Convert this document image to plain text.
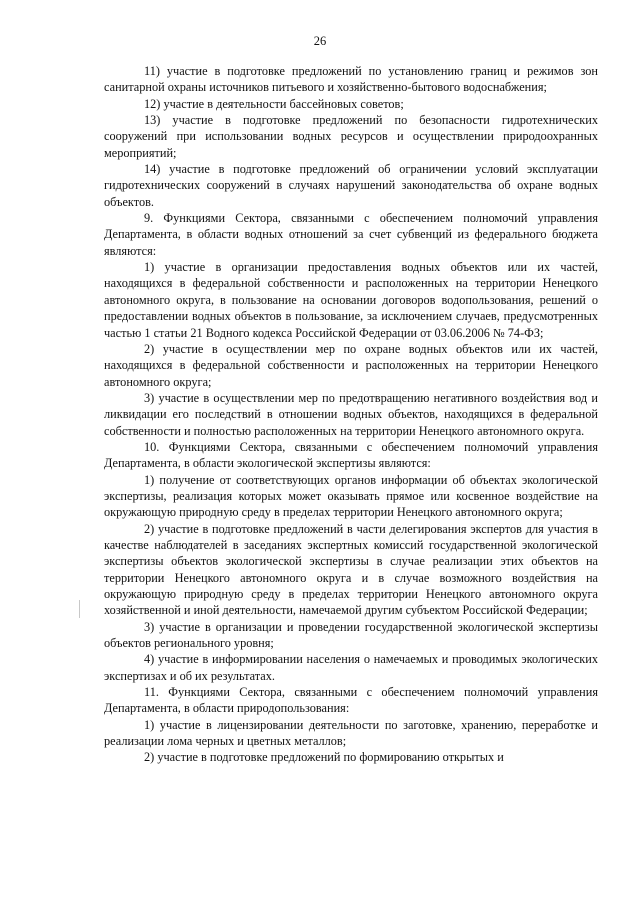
26

11) участие в подготовке предложений по установлению границ и режимов зон санитарной охраны источников питьевого и хозяйственно-бытового водоснабжения;

12) участие в деятельности бассейновых советов;

13) участие в подготовке предложений по безопасности гидротехнических сооружений при использовании водных ресурсов и осуществлении природоохранных мероприятий;

14) участие в подготовке предложений об ограничении условий эксплуатации гидротехнических сооружений в случаях нарушений законодательства об охране водных объектов.

9. Функциями Сектора, связанными с обеспечением полномочий управления Департамента, в области водных отношений за счет субвенций из федерального бюджета являются:

1) участие в организации предоставления водных объектов или их частей, находящихся в федеральной собственности и расположенных на территории Ненецкого автономного округа, в пользование на основании договоров водопользования, решений о предоставлении водных объектов в пользование, за исключением случаев, предусмотренных частью 1 статьи 21 Водного кодекса Российской Федерации от 03.06.2006 № 74-ФЗ;

2) участие в осуществлении мер по охране водных объектов или их частей, находящихся в федеральной собственности и расположенных на территории Ненецкого автономного округа;

3) участие в осуществлении мер по предотвращению негативного воздействия вод и ликвидации его последствий в отношении водных объектов, находящихся в федеральной собственности и полностью расположенных на территории Ненецкого автономного округа.

10. Функциями Сектора, связанными с обеспечением полномочий управления Департамента, в области экологической экспертизы являются:

1) получение от соответствующих органов информации об объектах экологической экспертизы, реализация которых может оказывать прямое или косвенное воздействие на окружающую природную среду в пределах территории Ненецкого автономного округа;

2) участие в подготовке предложений в части делегирования экспертов для участия в качестве наблюдателей в заседаниях экспертных комиссий государственной экологической экспертизы объектов экологической экспертизы в случае реализации этих объектов на территории Ненецкого автономного округа и в случае возможного воздействия на окружающую природную среду в пределах территории Ненецкого автономного округа хозяйственной и иной деятельности, намечаемой другим субъектом Российской Федерации;

3) участие в организации и проведении государственной экологической экспертизы объектов регионального уровня;

4) участие в информировании населения о намечаемых и проводимых экологических экспертизах и об их результатах.

11. Функциями Сектора, связанными с обеспечением полномочий управления Департамента, в области природопользования:

1) участие в лицензировании деятельности по заготовке, хранению, переработке и реализации лома черных и цветных металлов;

2) участие в подготовке предложений по формированию открытых и
